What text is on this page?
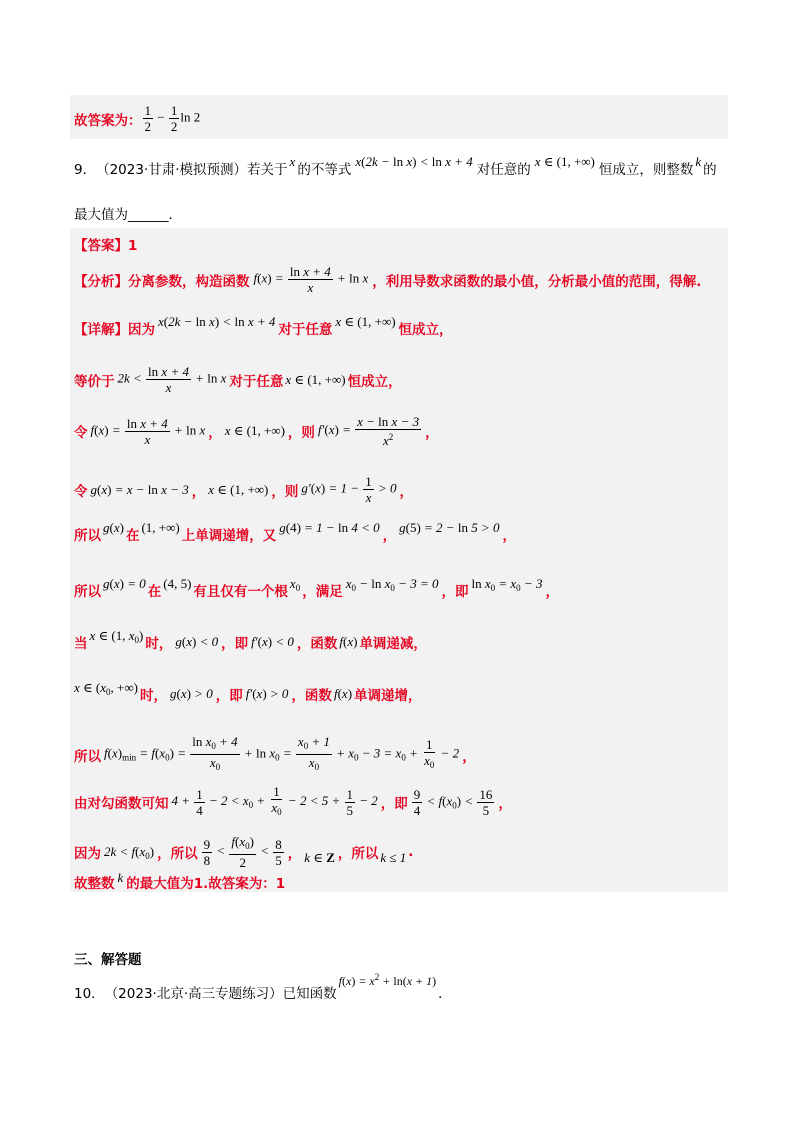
故答案为： $\frac{1}{2} - \frac{1}{2}$ ln 2
9． （2023·甘肃·模拟预测） 若关于
x
的不等式
x(2k − ln x) < ln x + 4
对任意的
x ∈ (1, +∞)
恒成立，则整数
k
的
最大值为______．
【答案】1
【分析】 分离参数，构造函数 $f(x) = \frac{\text{ln x + 4}}{x} + \ln x$ ，利用导数求函数的最小值，分析最小值的范围，得解.
【详解】 因为
x(2k − ln x) < ln x + 4
对于任意
x ∈ (1, +∞)
恒成立，
等价于 $2k < \frac{\text{ln x + 4}}{x} + \ln x$ 对于任意 x ∈ (1, +∞) 恒成立，
令 $f(x) = \frac{\text{ln x + 4}}{x} + \ln x$ ， x ∈ (1, +∞) ，则 $f'(x) = \frac{\text{x − ln x − 3}}{x^2}$ ，
令 g(x) = x − ln x − 3 ， x ∈ (1, +∞) ，则 $g'(x) = 1 - \frac{1}{x} > 0$ ，
所以
g(x)
在
(1, +∞)
上单调递增，又
g(4) = 1 − ln 4 < 0
，
g(5) = 2 − ln 5 > 0
，
所以
g(x) = 0
在
(4, 5)
有且仅有一个根
$x_0$ ，满足
$x_0 - \ln x_0 - 3 = 0$
，即
$\ln x_0 = x_0 - 3$
，
当
x ∈ (1, $x_0$)
时， g(x) < 0 ，即 f′(x) < 0 ，函数 f(x) 单调递减，
x ∈ ($x_0$, +∞)
时， g(x) > 0 ，即 f′(x) > 0 ，函数 f(x) 单调递增，
所以 $f(x)_{min} = f(x_0) = \frac{\ln x_0 + 4}{x_0} + \ln x_0 = \frac{x_0 + 1}{x_0} + x_0 - 3 = x_0 + \frac{1}{x_0} - 2$ ，
由对勾函数可知 $4 + \frac{1}{4} - 2 < x_0 + \frac{1}{x_0} - 2 < 5 + \frac{1}{5} - 2$ ，即 $\frac{9}{4} < f(x_0) < \frac{16}{5}$ ，
因为 $2k < f(x_0)$ ，所以 $\frac{9}{8} < \frac{f(x_0)}{2} < \frac{8}{5}$ ， k ∈ Z ，所以 k ≤ 1 .
故整数 k 的最大值为1.故答案为：1
三、解答题
10． （2023·北京·高三专题练习） 已知函数
$f(x) = x^2 + \ln(x + 1)$
．
